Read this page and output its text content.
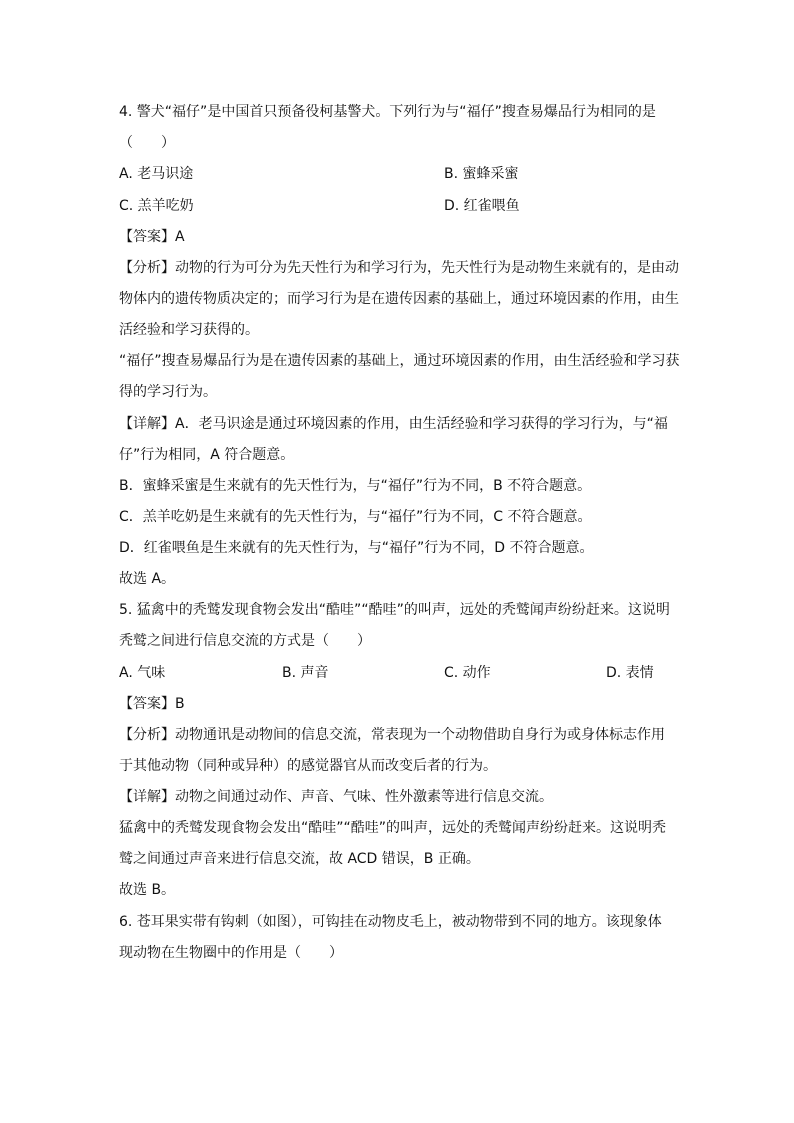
4. 警犬“福仔”是中国首只预备役柯基警犬。下列行为与“福仔”搜查易爆品行为相同的是
（　　）
A. 老马识途	B. 蜜蜂采蜜
C. 羔羊吃奶	D. 红雀喂鱼
【答案】A
【分析】动物的行为可分为先天性行为和学习行为，先天性行为是动物生来就有的，是由动
物体内的遗传物质决定的；而学习行为是在遗传因素的基础上，通过环境因素的作用，由生
活经验和学习获得的。
“福仔”搜查易爆品行为是在遗传因素的基础上，通过环境因素的作用，由生活经验和学习获
得的学习行为。
【详解】A．老马识途是通过环境因素的作用，由生活经验和学习获得的学习行为，与“福
仔”行为相同，A 符合题意。
B．蜜蜂采蜜是生来就有的先天性行为，与“福仔”行为不同，B 不符合题意。
C．羔羊吃奶是生来就有的先天性行为，与“福仔”行为不同，C 不符合题意。
D．红雀喂鱼是生来就有的先天性行为，与“福仔”行为不同，D 不符合题意。
故选 A。
5. 猛禽中的秃鹫发现食物会发出“酷哇”“酷哇”的叫声，远处的秃鹫闻声纷纷赶来。这说明
秃鹫之间进行信息交流的方式是（　　）
A. 气味	B. 声音	C. 动作	D. 表情
【答案】B
【分析】动物通讯是动物间的信息交流，常表现为一个动物借助自身行为或身体标志作用
于其他动物（同种或异种）的感觉器官从而改变后者的行为。
【详解】动物之间通过动作、声音、气味、性外激素等进行信息交流。
猛禽中的秃鹫发现食物会发出“酷哇”“酷哇”的叫声，远处的秃鹫闻声纷纷赶来。这说明秃
鹫之间通过声音来进行信息交流，故 ACD 错误，B 正确。
故选 B。
6. 苍耳果实带有钩刺（如图），可钩挂在动物皮毛上，被动物带到不同的地方。该现象体
现动物在生物圈中的作用是（　　）
